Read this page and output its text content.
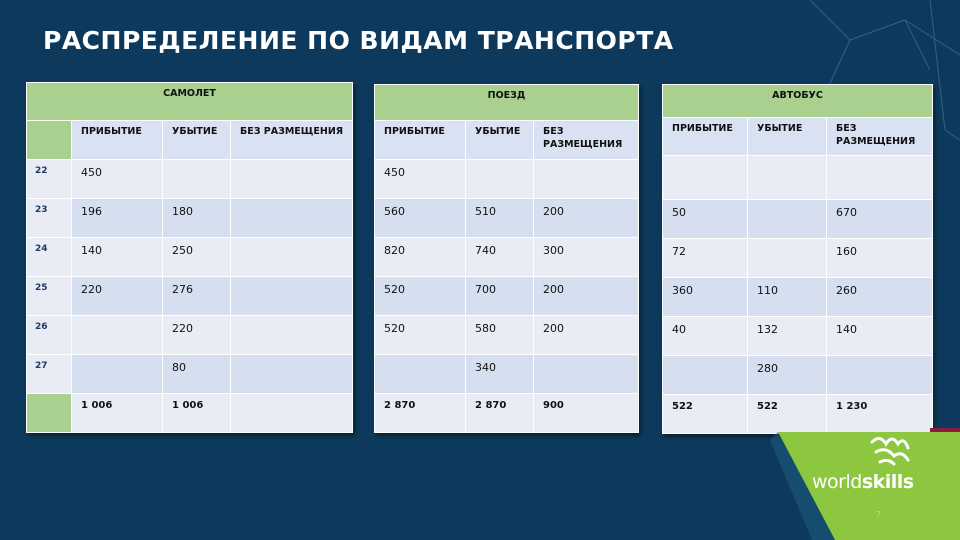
РАСПРЕДЕЛЕНИЕ ПО ВИДАМ ТРАНСПОРТА
САМОЛЕТ			
	ПРИБЫТИЕ	УБЫТИЕ	БЕЗ РАЗМЕЩЕНИЯ

22	450		

23	196	180	

24	140	250	

25	220	276	

26		220	

27		80	

	1 006	1 006	

ПОЕЗД		
ПРИБЫТИЕ	УБЫТИЕ	БЕЗ РАЗМЕЩЕНИЯ

450		

560	510	200

820	740	300

520	700	200

520	580	200

	340	

2 870	2 870	900
АВТОБУС		
ПРИБЫТИЕ	УБЫТИЕ	БЕЗ РАЗМЕЩЕНИЯ

50		670

72		160

360	110	260

40	132	140

	280	

522	522	1 230
worldskills
7
